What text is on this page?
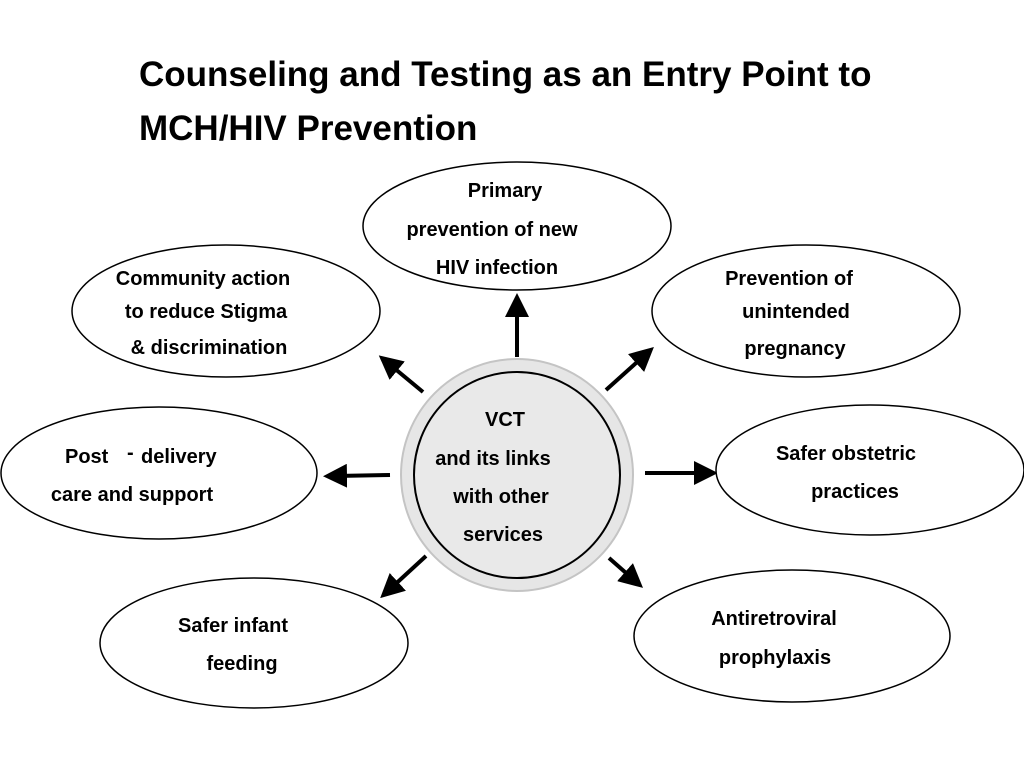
Counseling and Testing as an Entry Point to
MCH/HIV Prevention
VCT
and its links
with other
services
Primary
prevention of new
HIV infection	Prevention of
unintended
pregnancy
Safer obstetric
practices
Antiretroviral
prophylaxis
Safer infant
feeding
Post - delivery
care and support
Community action
to reduce Stigma
& discrimination
